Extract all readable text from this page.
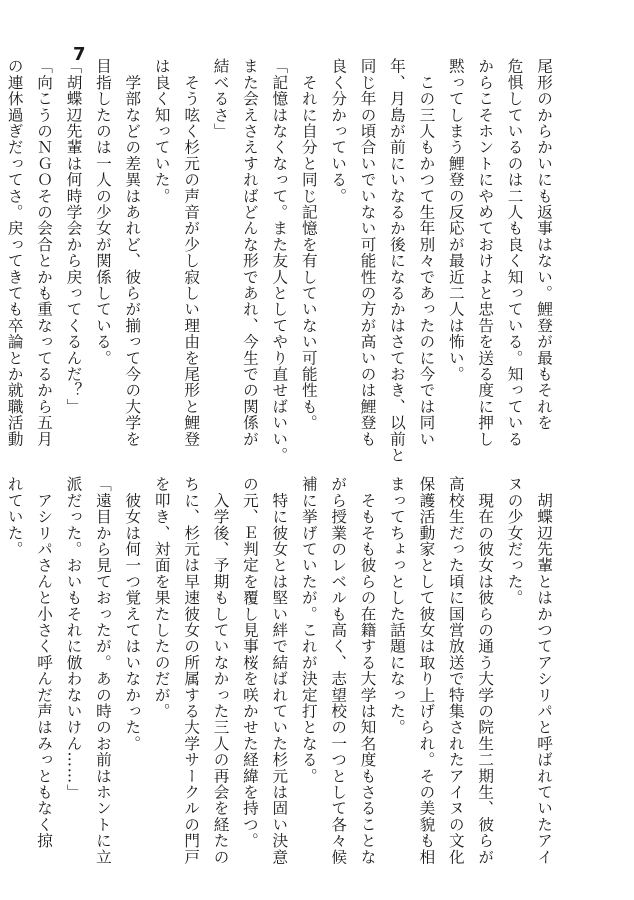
7
尾形のからかいにも返事はない。鯉登が最もそれを
危惧しているのは二人も良く知っている。知っている
からこそホントにやめておけよと忠告を送る度に押し
黙ってしまう鯉登の反応が最近二人は怖い。
　この三人もかつて生年別々であったのに今では同い
年、月島が前にいなるか後になるかはさておき、以前と
同じ年の頃合いでいない可能性の方が高いのは鯉登も
良く分かっている。
　それに自分と同じ記憶を有していない可能性も。
「記憶はなくなって。また友人としてやり直せばいい。
また会えさえすればどんな形であれ、今生での関係が
結べるさ」
　そう呟く杉元の声音が少し寂しい理由を尾形と鯉登
は良く知っていた。
　学部などの差異はあれど、彼らが揃って今の大学を
目指したのは一人の少女が関係している。
「胡蝶辺先輩は何時学会から戻ってくるんだ？」
「向こうのＮＧＯその会合とかも重なってるから五月
の連休過ぎだってさ。戻ってきても卒論とか就職活動
　胡蝶辺先輩とはかつてアシリパと呼ばれていたアイ
ヌの少女だった。
　現在の彼女は彼らの通う大学の院生二期生、彼らが
高校生だった頃に国営放送で特集されたアイヌの文化
保護活動家として彼女は取り上げられ。その美貌も相
まってちょっとした話題になった。
　そもそも彼らの在籍する大学は知名度もさることな
がら授業のレベルも高く、志望校の一つとして各々候
補に挙げていたが。これが決定打となる。
　特に彼女とは堅い絆で結ばれていた杉元は固い決意
の元、Ｅ判定を覆し見事桜を咲かせた経緯を持つ。
　入学後、予期もしていなかった三人の再会を経たの
ちに、杉元は早速彼女の所属する大学サークルの門戸
を叩き、対面を果たしたのだが。
　彼女は何一つ覚えてはいなかった。
「遠目から見ておったが。あの時のお前はホントに立
派だった。おいもそれに倣わないけん……」
　アシリパさんと小さく呼んだ声はみっともなく掠
れていた。
